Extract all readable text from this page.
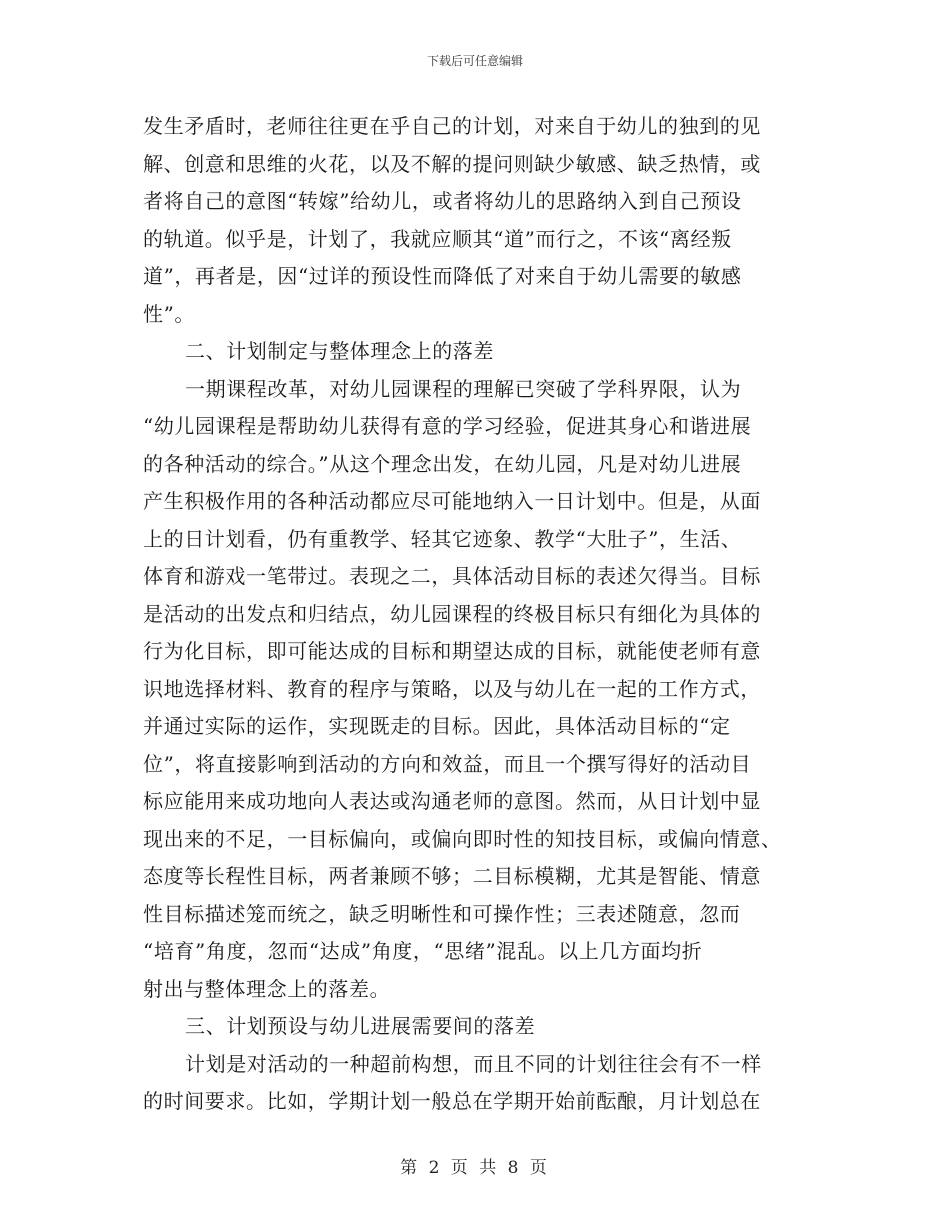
下载后可任意编辑
发生矛盾时，老师往往更在乎自己的计划，对来自于幼儿的独到的见
解、创意和思维的火花，以及不解的提问则缺少敏感、缺乏热情，或
者将自己的意图“转嫁”给幼儿，或者将幼儿的思路纳入到自己预设
的轨道。似乎是，计划了，我就应顺其“道”而行之，不该“离经叛
道”，再者是，因“过详的预设性而降低了对来自于幼儿需要的敏感
性”。
二、计划制定与整体理念上的落差
一期课程改革，对幼儿园课程的理解已突破了学科界限，认为
“幼儿园课程是帮助幼儿获得有意的学习经验，促进其身心和谐进展
的各种活动的综合。”从这个理念出发，在幼儿园，凡是对幼儿进展
产生积极作用的各种活动都应尽可能地纳入一日计划中。但是，从面
上的日计划看，仍有重教学、轻其它迹象、教学“大肚子”，生活、
体育和游戏一笔带过。表现之二，具体活动目标的表述欠得当。目标
是活动的出发点和归结点，幼儿园课程的终极目标只有细化为具体的
行为化目标，即可能达成的目标和期望达成的目标，就能使老师有意
识地选择材料、教育的程序与策略，以及与幼儿在一起的工作方式，
并通过实际的运作，实现既走的目标。因此，具体活动目标的“定
位”，将直接影响到活动的方向和效益，而且一个撰写得好的活动目
标应能用来成功地向人表达或沟通老师的意图。然而，从日计划中显
现出来的不足，一目标偏向，或偏向即时性的知技目标，或偏向情意、
态度等长程性目标，两者兼顾不够；二目标模糊，尤其是智能、情意
性目标描述笼而统之，缺乏明晰性和可操作性；三表述随意，忽而
“培育”角度，忽而“达成”角度，“思绪”混乱。以上几方面均折
射出与整体理念上的落差。
三、计划预设与幼儿进展需要间的落差
计划是对活动的一种超前构想，而且不同的计划往往会有不一样
的时间要求。比如，学期计划一般总在学期开始前酝酿，月计划总在
第 2 页 共 8 页
